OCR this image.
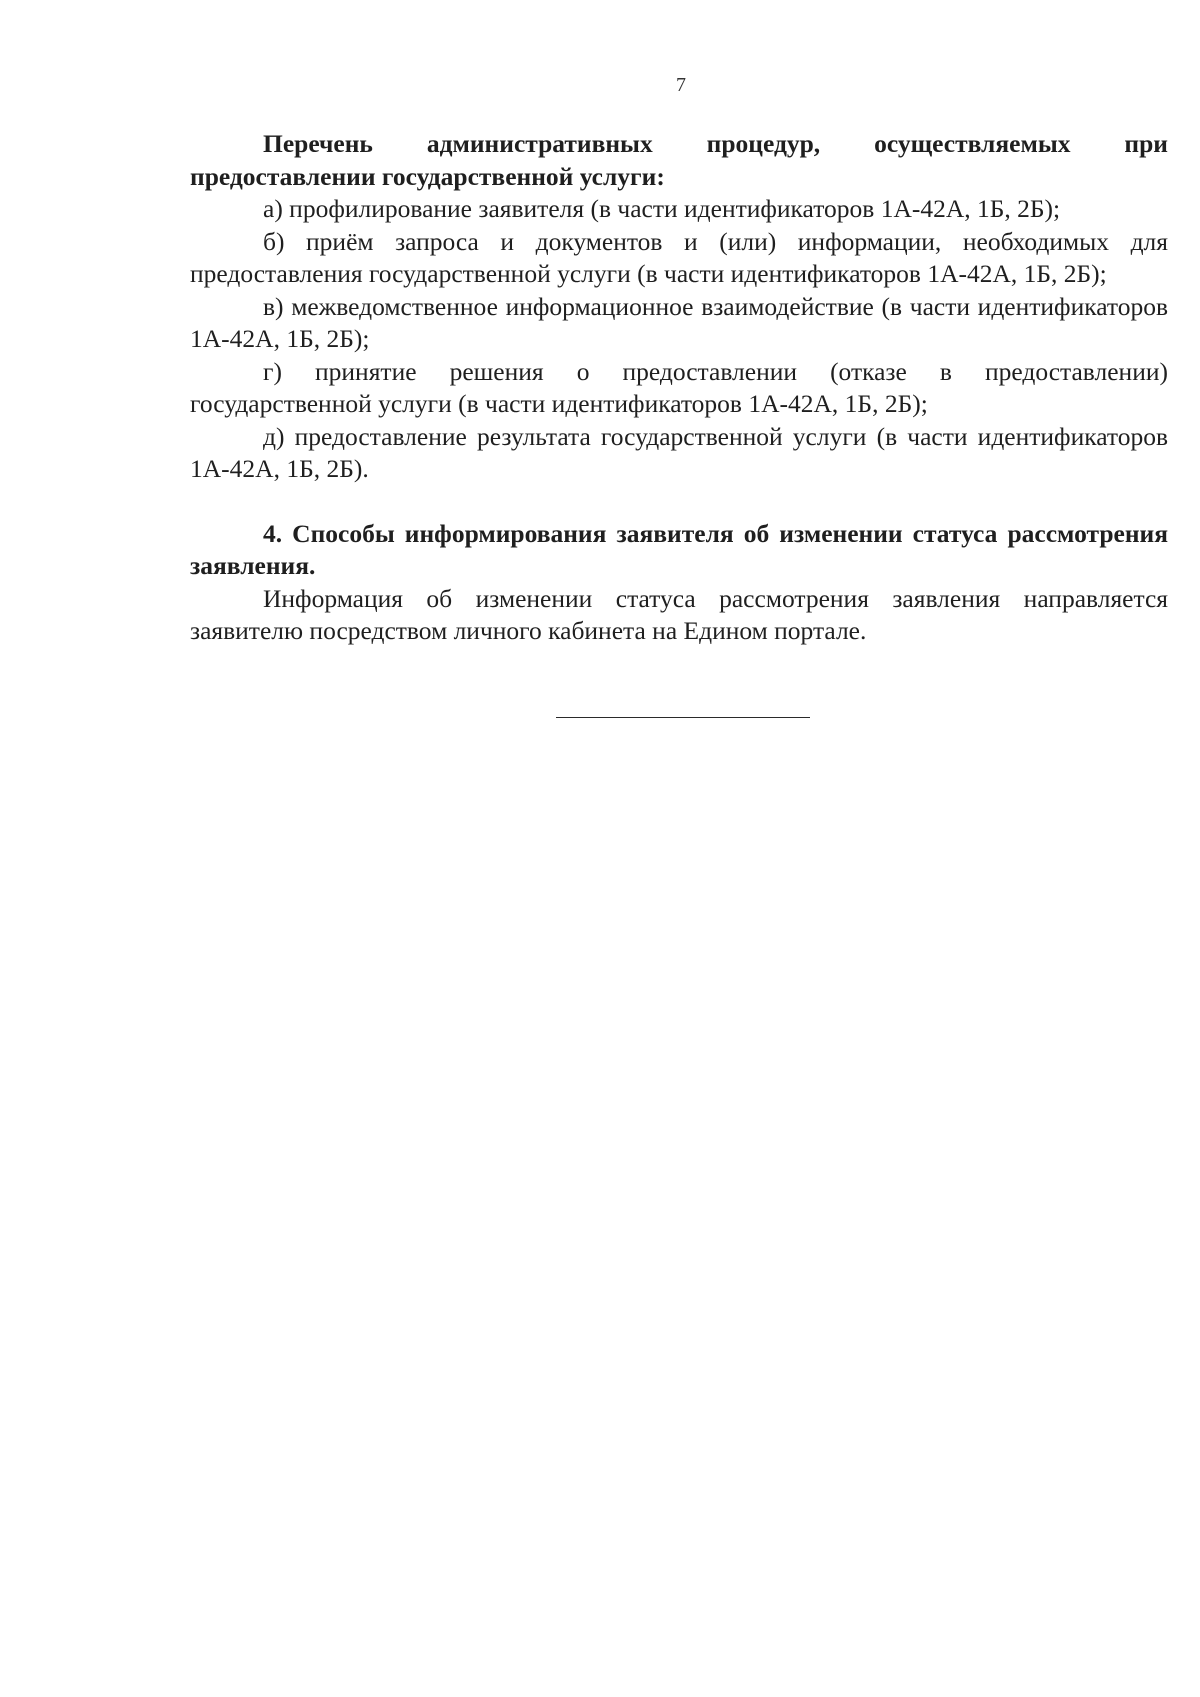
7

Перечень административных процедур, осуществляемых при предоставлении государственной услуги:

а) профилирование заявителя (в части идентификаторов 1А-42А, 1Б, 2Б);

б) приём запроса и документов и (или) информации, необходимых для предоставления государственной услуги (в части идентификаторов 1А-42А, 1Б, 2Б);

в) межведомственное информационное взаимодействие (в части идентификаторов 1А-42А, 1Б, 2Б);

г) принятие решения о предоставлении (отказе в предоставлении) государственной услуги (в части идентификаторов 1А-42А, 1Б, 2Б);

д) предоставление результата государственной услуги (в части идентификаторов 1А-42А, 1Б, 2Б).

4. Способы информирования заявителя об изменении статуса рассмотрения заявления.

Информация об изменении статуса рассмотрения заявления направляется заявителю посредством личного кабинета на Едином портале.
